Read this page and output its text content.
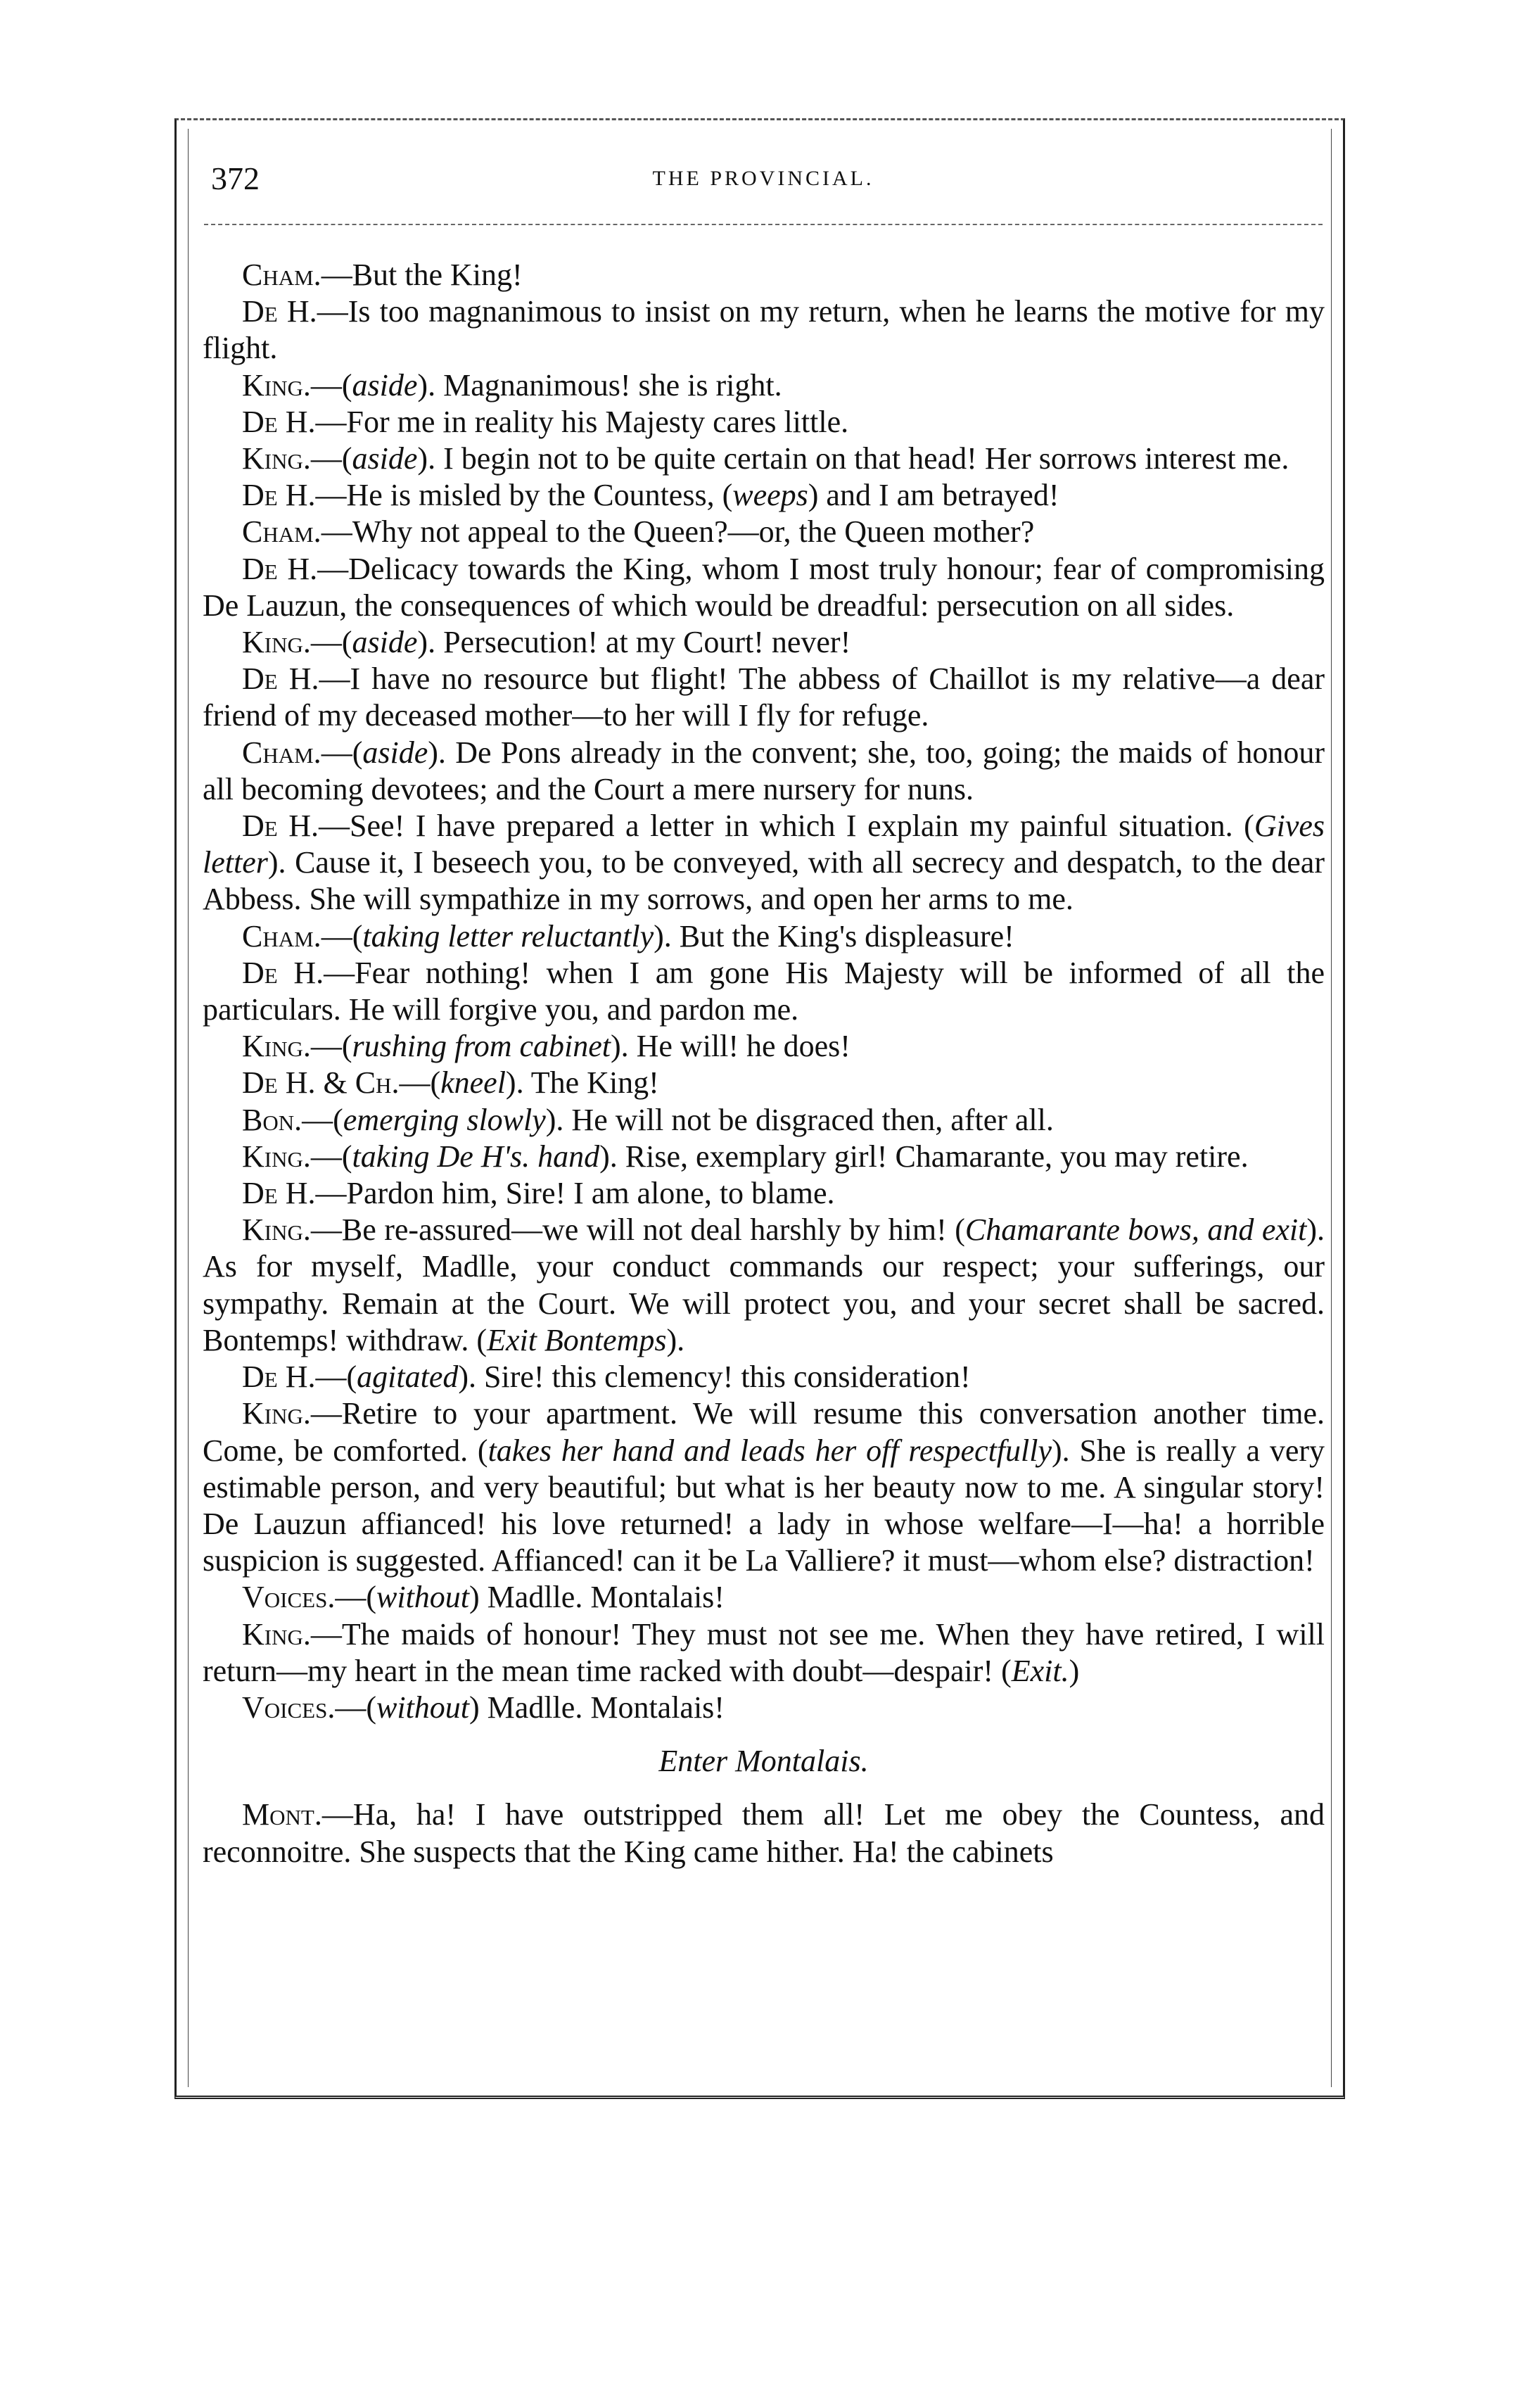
372	THE PROVINCIAL.

Cham.—But the King!

De H.—Is too magnanimous to insist on my return, when he learns the motive for my flight.

King.—(aside). Magnanimous! she is right.

De H.—For me in reality his Majesty cares little.

King.—(aside). I begin not to be quite certain on that head! Her sorrows interest me.

De H.—He is misled by the Countess, (weeps) and I am betrayed!

Cham.—Why not appeal to the Queen?—or, the Queen mother?

De H.—Delicacy towards the King, whom I most truly honour; fear of compromising De Lauzun, the consequences of which would be dreadful: persecution on all sides.

King.—(aside). Persecution! at my Court! never!

De H.—I have no resource but flight! The abbess of Chaillot is my relative—a dear friend of my deceased mother—to her will I fly for refuge.

Cham.—(aside). De Pons already in the convent; she, too, going; the maids of honour all becoming devotees; and the Court a mere nursery for nuns.

De H.—See! I have prepared a letter in which I explain my painful situation. (Gives letter). Cause it, I beseech you, to be conveyed, with all secrecy and despatch, to the dear Abbess. She will sympathize in my sorrows, and open her arms to me.

Cham.—(taking letter reluctantly). But the King's displeasure!

De H.—Fear nothing! when I am gone His Majesty will be informed of all the particulars. He will forgive you, and pardon me.

King.—(rushing from cabinet). He will! he does!

De H. & Ch.—(kneel). The King!

Bon.—(emerging slowly). He will not be disgraced then, after all.

King.—(taking De H's. hand). Rise, exemplary girl! Chamarante, you may retire.

De H.—Pardon him, Sire! I am alone, to blame.

King.—Be re-assured—we will not deal harshly by him! (Chamarante bows, and exit). As for myself, Madlle, your conduct commands our respect; your sufferings, our sympathy. Remain at the Court. We will protect you, and your secret shall be sacred. Bontemps! withdraw. (Exit Bontemps).

De H.—(agitated). Sire! this clemency! this consideration!

King.—Retire to your apartment. We will resume this conversation another time. Come, be comforted. (takes her hand and leads her off respectfully). She is really a very estimable person, and very beautiful; but what is her beauty now to me. A singular story! De Lauzun affianced! his love returned! a lady in whose welfare—I—ha! a horrible suspicion is suggested. Affianced! can it be La Valliere? it must—whom else? distraction!

Voices.—(without) Madlle. Montalais!

King.—The maids of honour! They must not see me. When they have retired, I will return—my heart in the mean time racked with doubt—despair! (Exit.)

Voices.—(without) Madlle. Montalais!

Enter Montalais.

Mont.—Ha, ha! I have outstripped them all! Let me obey the Countess, and reconnoitre. She suspects that the King came hither. Ha! the cabinets
